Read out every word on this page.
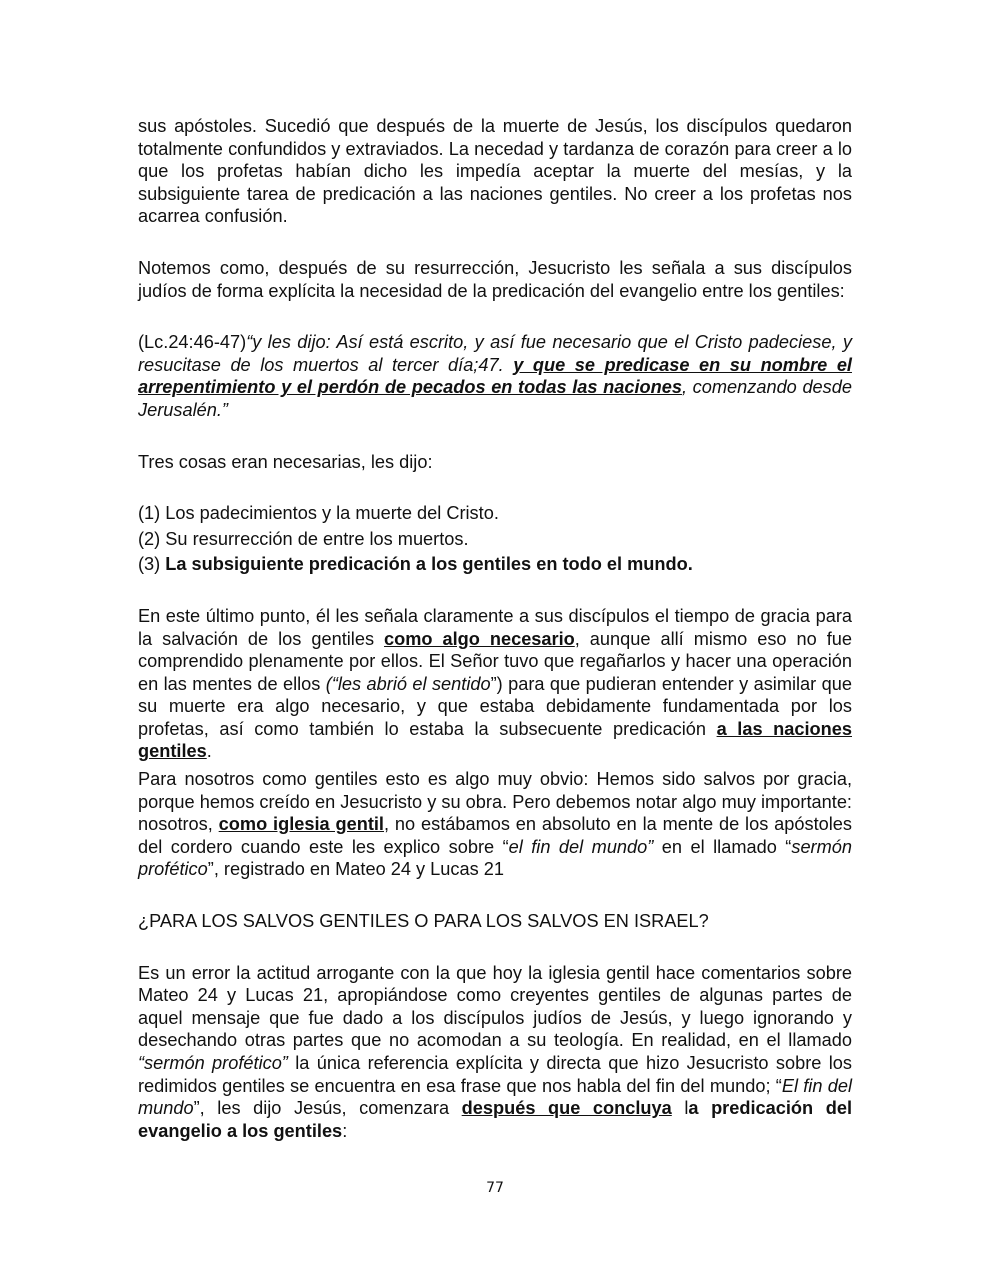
sus apóstoles. Sucedió que después de la muerte de Jesús, los discípulos quedaron totalmente confundidos y extraviados. La necedad y tardanza de corazón para creer a lo que los profetas habían dicho les impedía aceptar la muerte del mesías, y la subsiguiente tarea de predicación a las naciones gentiles. No creer a los profetas nos acarrea confusión.

Notemos como, después de su resurrección, Jesucristo les señala a sus discípulos judíos de forma explícita la necesidad de la predicación del evangelio entre los gentiles:

(Lc.24:46-47)“y les dijo: Así está escrito, y así fue necesario que el Cristo padeciese, y resucitase de los muertos al tercer día;47. y que se predicase en su nombre el arrepentimiento y el perdón de pecados en todas las naciones, comenzando desde Jerusalén.”

Tres cosas eran necesarias, les dijo:

(1) Los padecimientos y la muerte del Cristo.

(2) Su resurrección de entre los muertos.

(3) La subsiguiente predicación a los gentiles en todo el mundo.

En este último punto, él les señala claramente a sus discípulos el tiempo de gracia para la salvación de los gentiles como algo necesario, aunque allí mismo eso no fue comprendido plenamente por ellos. El Señor tuvo que regañarlos y hacer una operación en las mentes de ellos (“les abrió el sentido”) para que pudieran entender y asimilar que su muerte era algo necesario, y que estaba debidamente fundamentada por los profetas, así como también lo estaba la subsecuente predicación a las naciones gentiles.

Para nosotros como gentiles esto es algo muy obvio: Hemos sido salvos por gracia, porque hemos creído en Jesucristo y su obra. Pero debemos notar algo muy importante: nosotros, como iglesia gentil, no estábamos en absoluto en la mente de los apóstoles del cordero cuando este les explico sobre “el fin del mundo” en el llamado “sermón profético”, registrado en Mateo 24 y Lucas 21

¿PARA LOS SALVOS GENTILES O PARA LOS SALVOS EN ISRAEL?

Es un error la actitud arrogante con la que hoy la iglesia gentil hace comentarios sobre Mateo 24 y Lucas 21, apropiándose como creyentes gentiles de algunas partes de aquel mensaje que fue dado a los discípulos judíos de Jesús, y luego ignorando y desechando otras partes que no acomodan a su teología. En realidad, en el llamado “sermón profético” la única referencia explícita y directa que hizo Jesucristo sobre los redimidos gentiles se encuentra en esa frase que nos habla del fin del mundo; “El fin del mundo”, les dijo Jesús, comenzara después que concluya la predicación del evangelio a los gentiles:

77
